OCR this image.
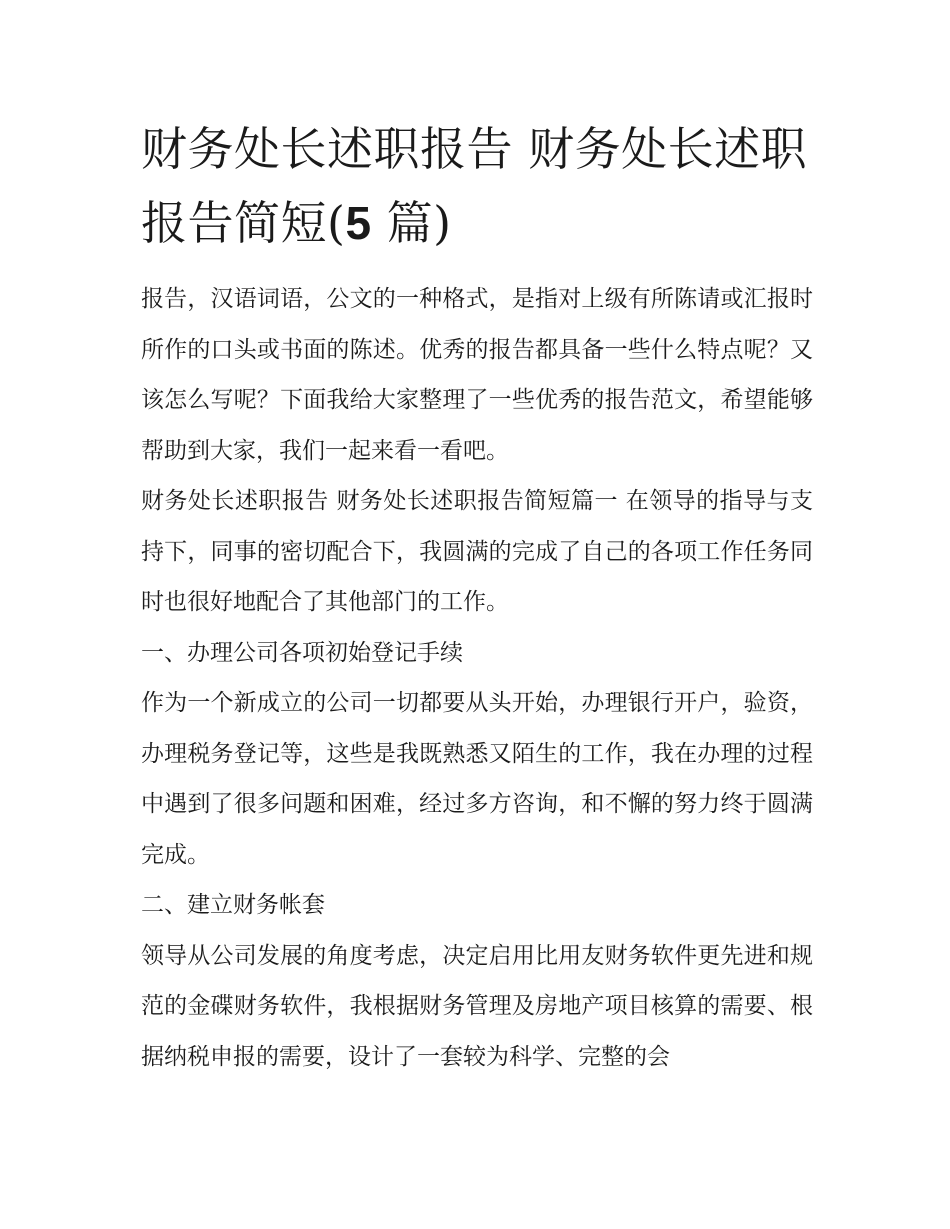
财务处长述职报告 财务处长述职报告简短(5 篇)

报告，汉语词语，公文的一种格式，是指对上级有所陈请或汇报时所作的口头或书面的陈述。优秀的报告都具备一些什么特点呢？又该怎么写呢？下面我给大家整理了一些优秀的报告范文，希望能够帮助到大家，我们一起来看一看吧。

财务处长述职报告 财务处长述职报告简短篇一 在领导的指导与支持下，同事的密切配合下，我圆满的完成了自己的各项工作任务同时也很好地配合了其他部门的工作。

一、办理公司各项初始登记手续

作为一个新成立的公司一切都要从头开始，办理银行开户，验资，办理税务登记等，这些是我既熟悉又陌生的工作，我在办理的过程中遇到了很多问题和困难，经过多方咨询，和不懈的努力终于圆满完成。

二、建立财务帐套

领导从公司发展的角度考虑，决定启用比用友财务软件更先进和规范的金碟财务软件，我根据财务管理及房地产项目核算的需要、根据纳税申报的需要，设计了一套较为科学、完整的会
